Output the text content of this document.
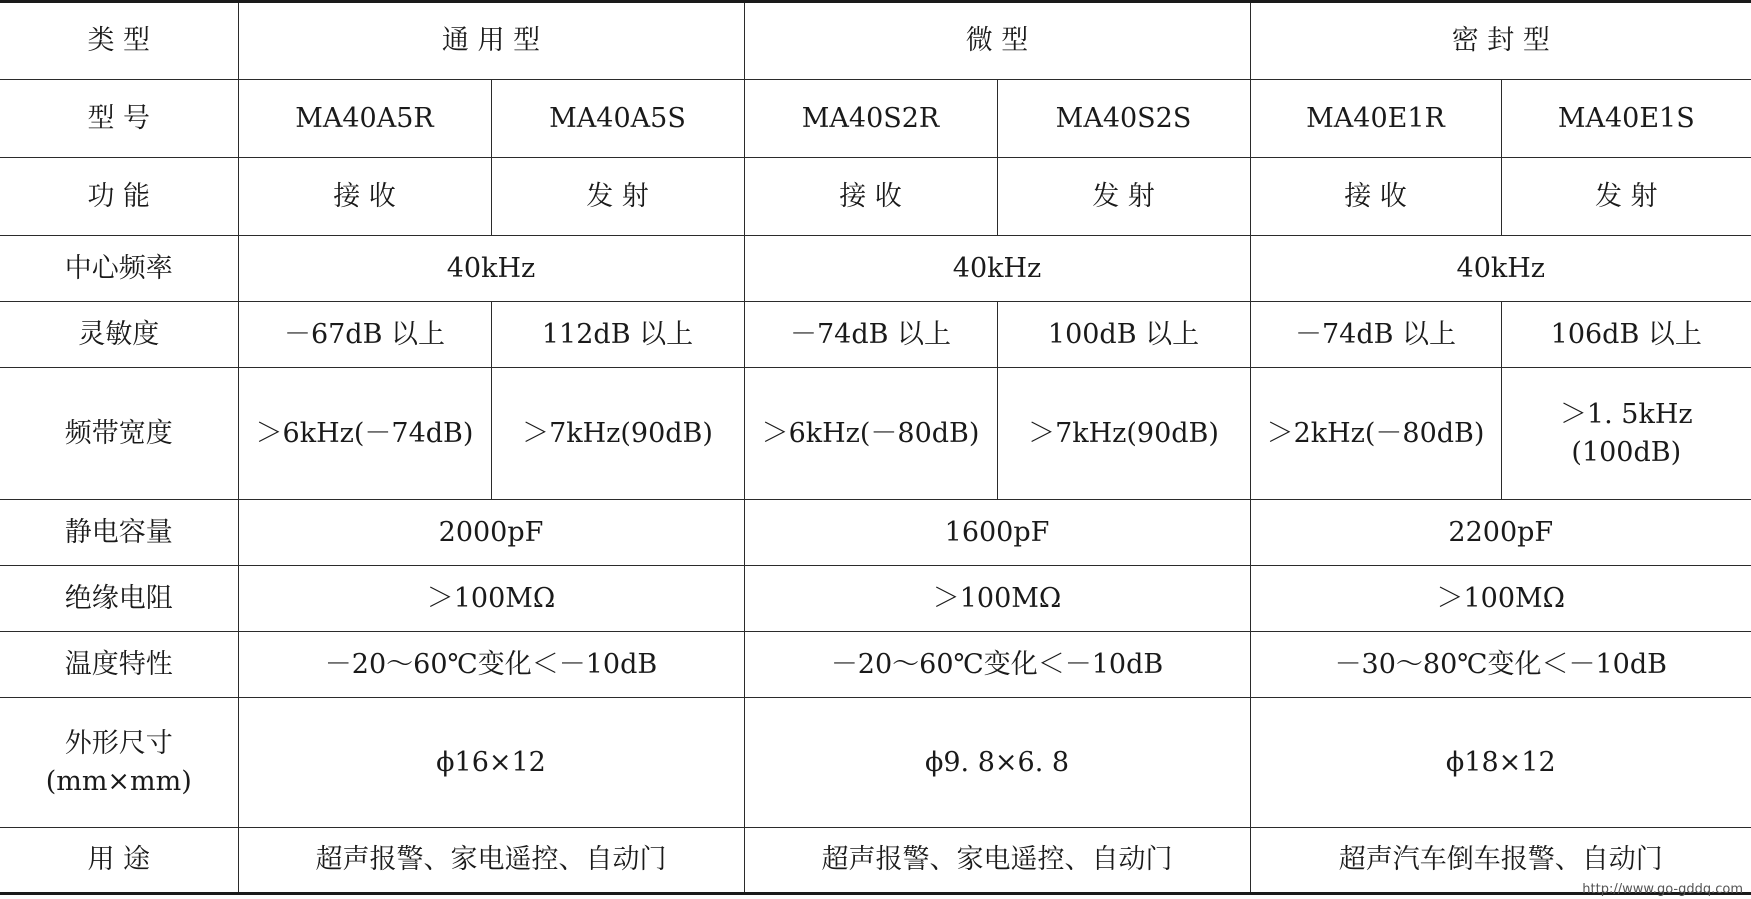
类 型	通 用 型		微 型		密 封 型	
型 号	MA40A5R	MA40A5S	MA40S2R	MA40S2S	MA40E1R	MA40E1S
功 能	接 收	发 射	接 收	发 射	接 收	发 射
中心频率	40kHz		40kHz		40kHz	
灵敏度	－67dB 以上	112dB 以上	－74dB 以上	100dB 以上	－74dB 以上	106dB 以上
频带宽度	＞6kHz(－74dB)	＞7kHz(90dB)	＞6kHz(－80dB)	＞7kHz(90dB)	＞2kHz(－80dB)	＞1. 5kHz
(100dB)

静电容量	2000pF		1600pF		2200pF	
绝缘电阻	＞100MΩ		＞100MΩ		＞100MΩ	
温度特性	－20～60℃变化＜－10dB		－20～60℃变化＜－10dB		－30～80℃变化＜－10dB	

外形尺寸
(mm×mm)	ϕ16×12		ϕ9. 8×6. 8		ϕ18×12	
用 途	超声报警、家电遥控、自动门		超声报警、家电遥控、自动门		超声汽车倒车报警、自动门	
http://www.go-gddq.com
